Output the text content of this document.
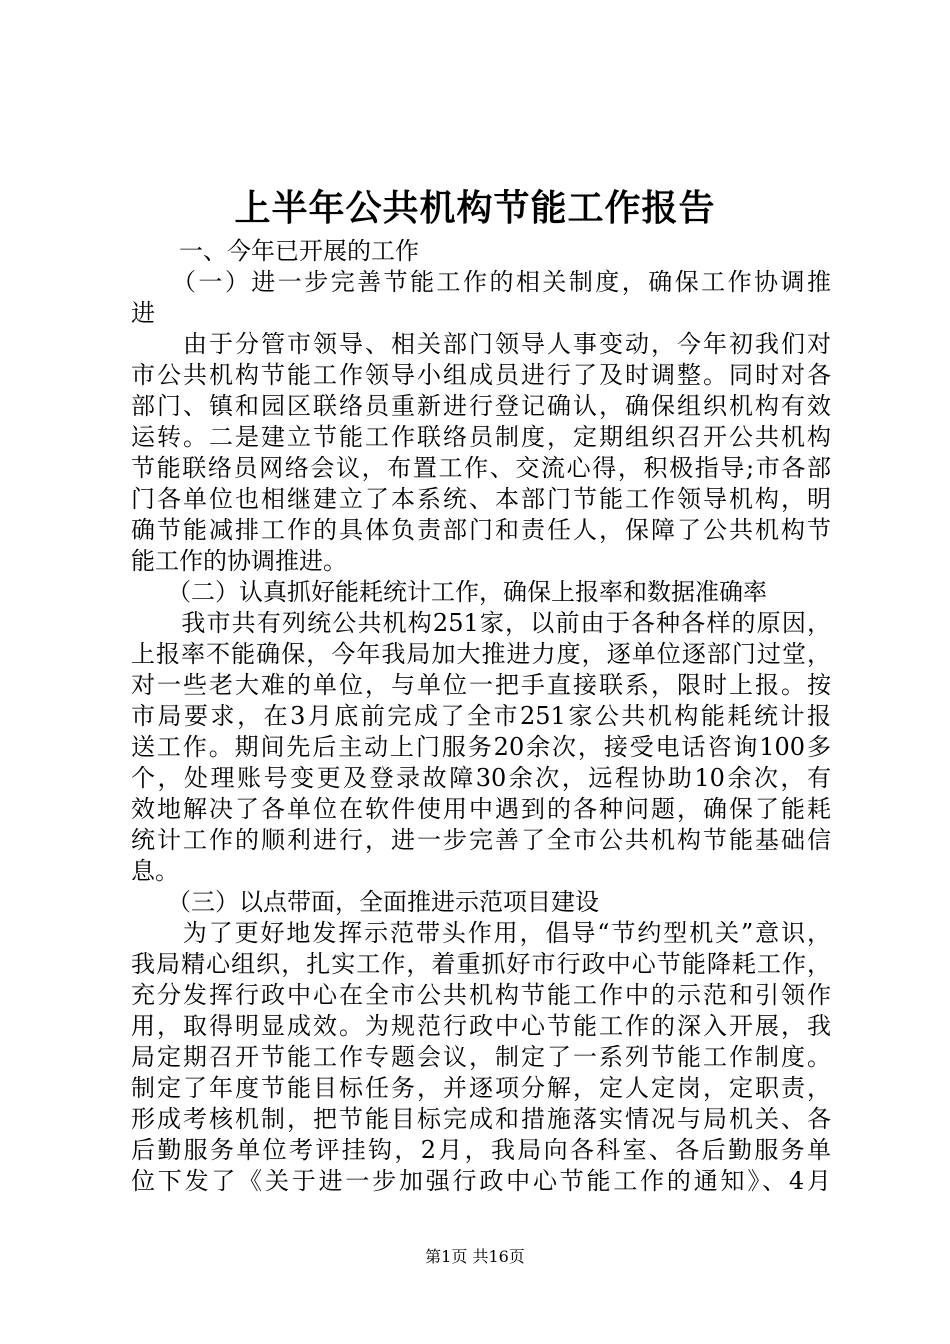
上半年公共机构节能工作报告
　　一、今年已开展的工作
　　（一）进一步完善节能工作的相关制度，确保工作协调推
进
　　由于分管市领导、相关部门领导人事变动，今年初我们对
市公共机构节能工作领导小组成员进行了及时调整。同时对各
部门、镇和园区联络员重新进行登记确认，确保组织机构有效
运转。二是建立节能工作联络员制度，定期组织召开公共机构
节能联络员网络会议，布置工作、交流心得，积极指导;市各部
门各单位也相继建立了本系统、本部门节能工作领导机构，明
确节能减排工作的具体负责部门和责任人，保障了公共机构节
能工作的协调推进。
　　（二）认真抓好能耗统计工作，确保上报率和数据准确率
　　我市共有列统公共机构251家，以前由于各种各样的原因，
上报率不能确保，今年我局加大推进力度，逐单位逐部门过堂，
对一些老大难的单位，与单位一把手直接联系，限时上报。按
市局要求，在3月底前完成了全市251家公共机构能耗统计报
送工作。期间先后主动上门服务20余次，接受电话咨询100多
个，处理账号变更及登录故障30余次，远程协助10余次，有
效地解决了各单位在软件使用中遇到的各种问题，确保了能耗
统计工作的顺利进行，进一步完善了全市公共机构节能基础信
息。
　　（三）以点带面，全面推进示范项目建设
　　为了更好地发挥示范带头作用，倡导“节约型机关”意识，
我局精心组织，扎实工作，着重抓好市行政中心节能降耗工作，
充分发挥行政中心在全市公共机构节能工作中的示范和引领作
用，取得明显成效。为规范行政中心节能工作的深入开展，我
局定期召开节能工作专题会议，制定了一系列节能工作制度。
制定了年度节能目标任务，并逐项分解，定人定岗，定职责，
形成考核机制，把节能目标完成和措施落实情况与局机关、各
后勤服务单位考评挂钩，2月，我局向各科室、各后勤服务单
位下发了《关于进一步加强行政中心节能工作的通知》、4月
第1页 共16页
